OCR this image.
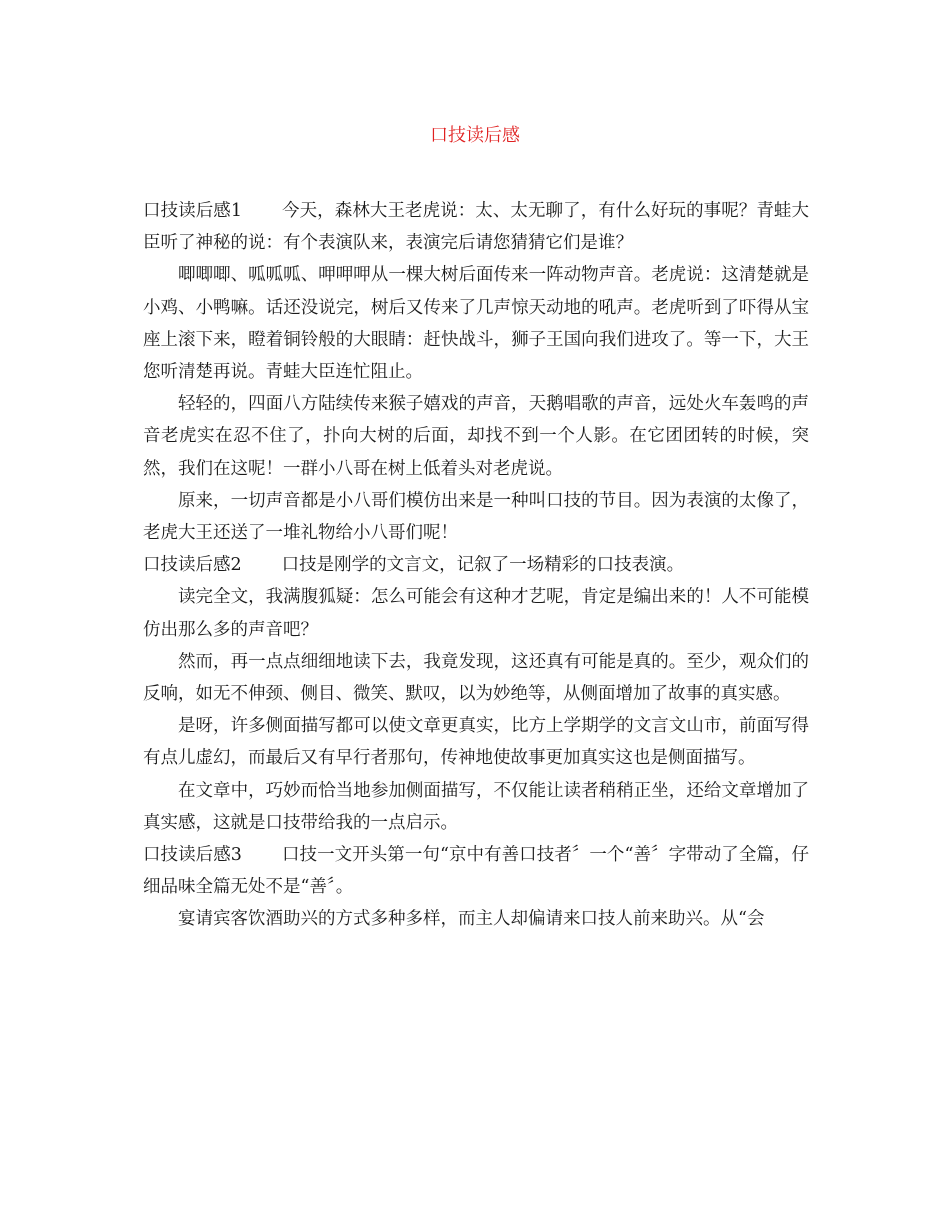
口技读后感

口技读后感1 今天，森林大王老虎说：太、太无聊了，有什么好玩的事呢？青蛙大臣听了神秘的说：有个表演队来，表演完后请您猜猜它们是谁？

唧唧唧、呱呱呱、呷呷呷从一棵大树后面传来一阵动物声音。老虎说：这清楚就是小鸡、小鸭嘛。话还没说完，树后又传来了几声惊天动地的吼声。老虎听到了吓得从宝座上滚下来，瞪着铜铃般的大眼睛：赶快战斗，狮子王国向我们进攻了。等一下，大王您听清楚再说。青蛙大臣连忙阻止。

轻轻的，四面八方陆续传来猴子嬉戏的声音，天鹅唱歌的声音，远处火车轰鸣的声音老虎实在忍不住了，扑向大树的后面，却找不到一个人影。在它团团转的时候，突然，我们在这呢！一群小八哥在树上低着头对老虎说。

原来，一切声音都是小八哥们模仿出来是一种叫口技的节目。因为表演的太像了，老虎大王还送了一堆礼物给小八哥们呢！

口技读后感2 口技是刚学的文言文，记叙了一场精彩的口技表演。

读完全文，我满腹狐疑：怎么可能会有这种才艺呢，肯定是编出来的！人不可能模仿出那么多的声音吧？

然而，再一点点细细地读下去，我竟发现，这还真有可能是真的。至少，观众们的反响，如无不伸颈、侧目、微笑、默叹，以为妙绝等，从侧面增加了故事的真实感。

是呀，许多侧面描写都可以使文章更真实，比方上学期学的文言文山市，前面写得有点儿虚幻，而最后又有早行者那句，传神地使故事更加真实这也是侧面描写。

在文章中，巧妙而恰当地参加侧面描写，不仅能让读者稍稍正坐，还给文章增加了真实感，这就是口技带给我的一点启示。

口技读后感3 口技一文开头第一句“京中有善口技者〞一个“善〞字带动了全篇，仔细品味全篇无处不是“善〞。

宴请宾客饮酒助兴的方式多种多样，而主人却偏请来口技人前来助兴。从“会
